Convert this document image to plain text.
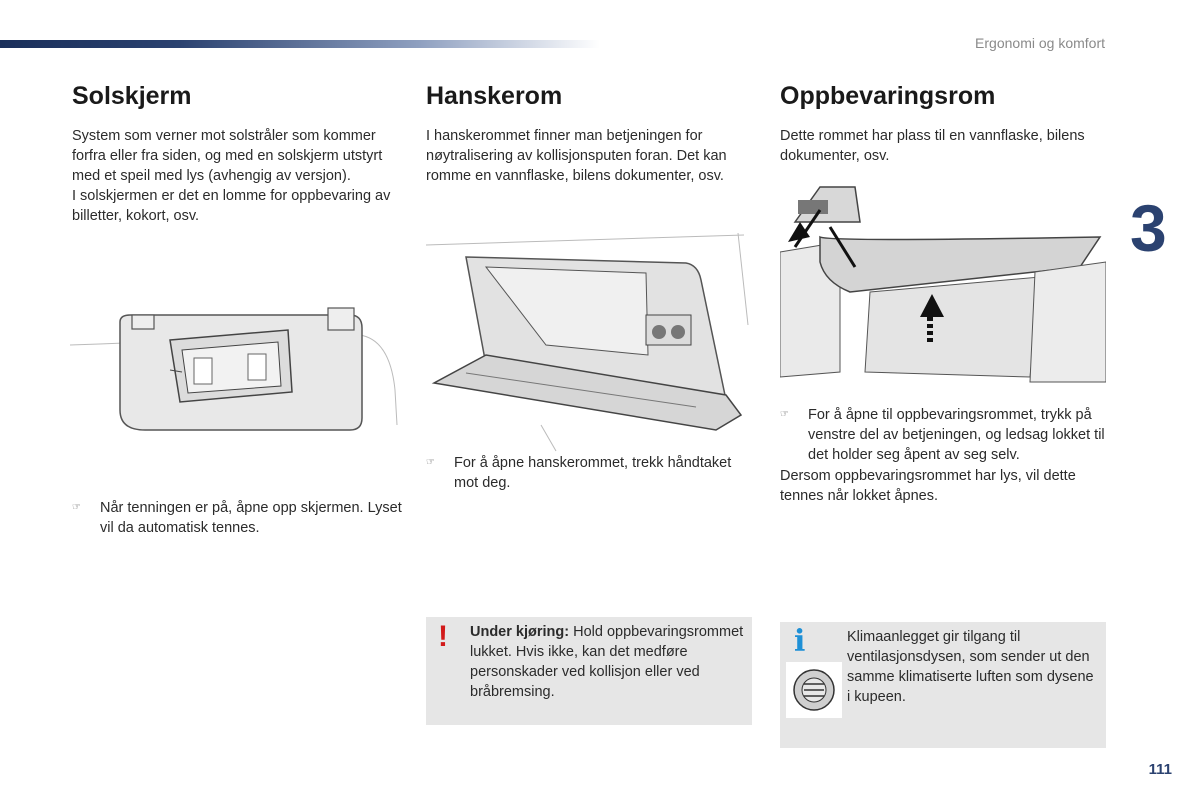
Ergonomi og komfort
3
Solskjerm
System som verner mot solstråler som kommer forfra eller fra siden, og med en solskjerm utstyrt med et speil med lys (avhengig av versjon).
I solskjermen er det en lomme for oppbevaring av billetter, kokort, osv.
☞	Når tenningen er på, åpne opp skjermen. Lyset vil da automatisk tennes.
Hanskerom
I hanskerommet finner man betjeningen for nøytralisering av kollisjonsputen foran. Det kan romme en vannflaske, bilens dokumenter, osv.
☞	For å åpne hanskerommet, trekk håndtaket mot deg.
Oppbevaringsrom
Dette rommet har plass til en vannflaske, bilens dokumenter, osv.
☞	For å åpne til oppbevaringsrommet, trykk på venstre del av betjeningen, og ledsag lokket til det holder seg åpent av seg selv.
Dersom oppbevaringsrommet har lys, vil dette tennes når lokket åpnes.
! Under kjøring: Hold oppbevaringsrommet lukket. Hvis ikke, kan det medføre personskader ved kollisjon eller ved bråbremsing.
i	Klimaanlegget gir tilgang til ventilasjonsdysen, som sender ut den samme klimatiserte luften som dysene i kupeen.
111
